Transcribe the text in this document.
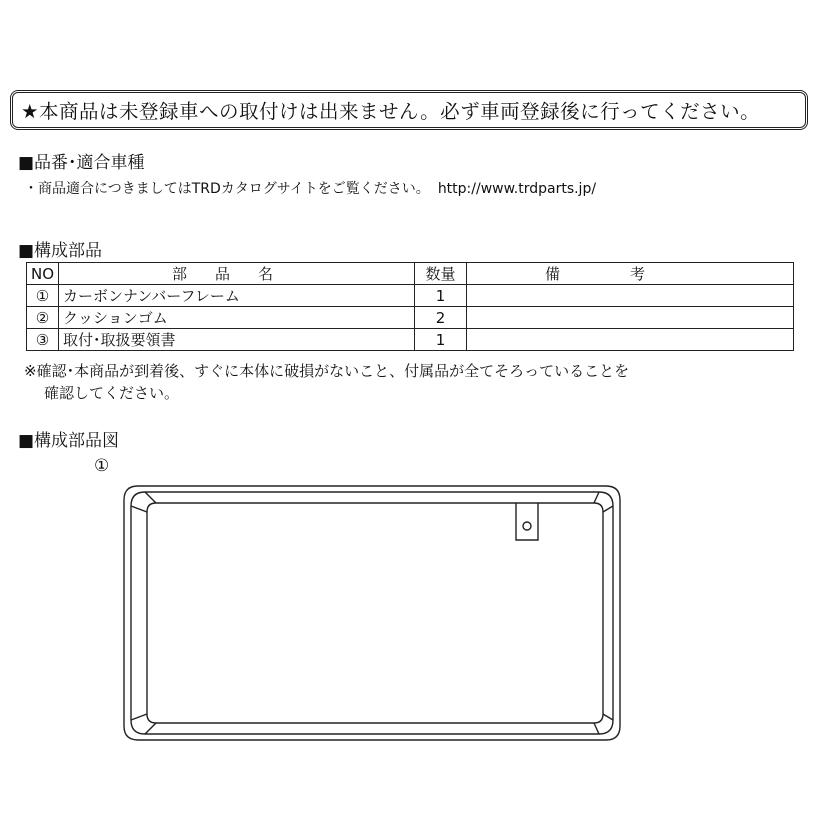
★本商品は未登録車への取付けは出来ません。必ず車両登録後に行ってください。
■品番･適合車種
・商品適合につきましてはTRDカタログサイトをご覧ください。 http://www.trdparts.jp/
■構成部品
NO	部品名	数量	備考
①	カーボンナンバーフレーム	1	
②	クッションゴム	2	
③	取付･取扱要領書	1	
※確認･本商品が到着後、すぐに本体に破損がないこと、付属品が全てそろっていることを
確認してください。
■構成部品図
①
